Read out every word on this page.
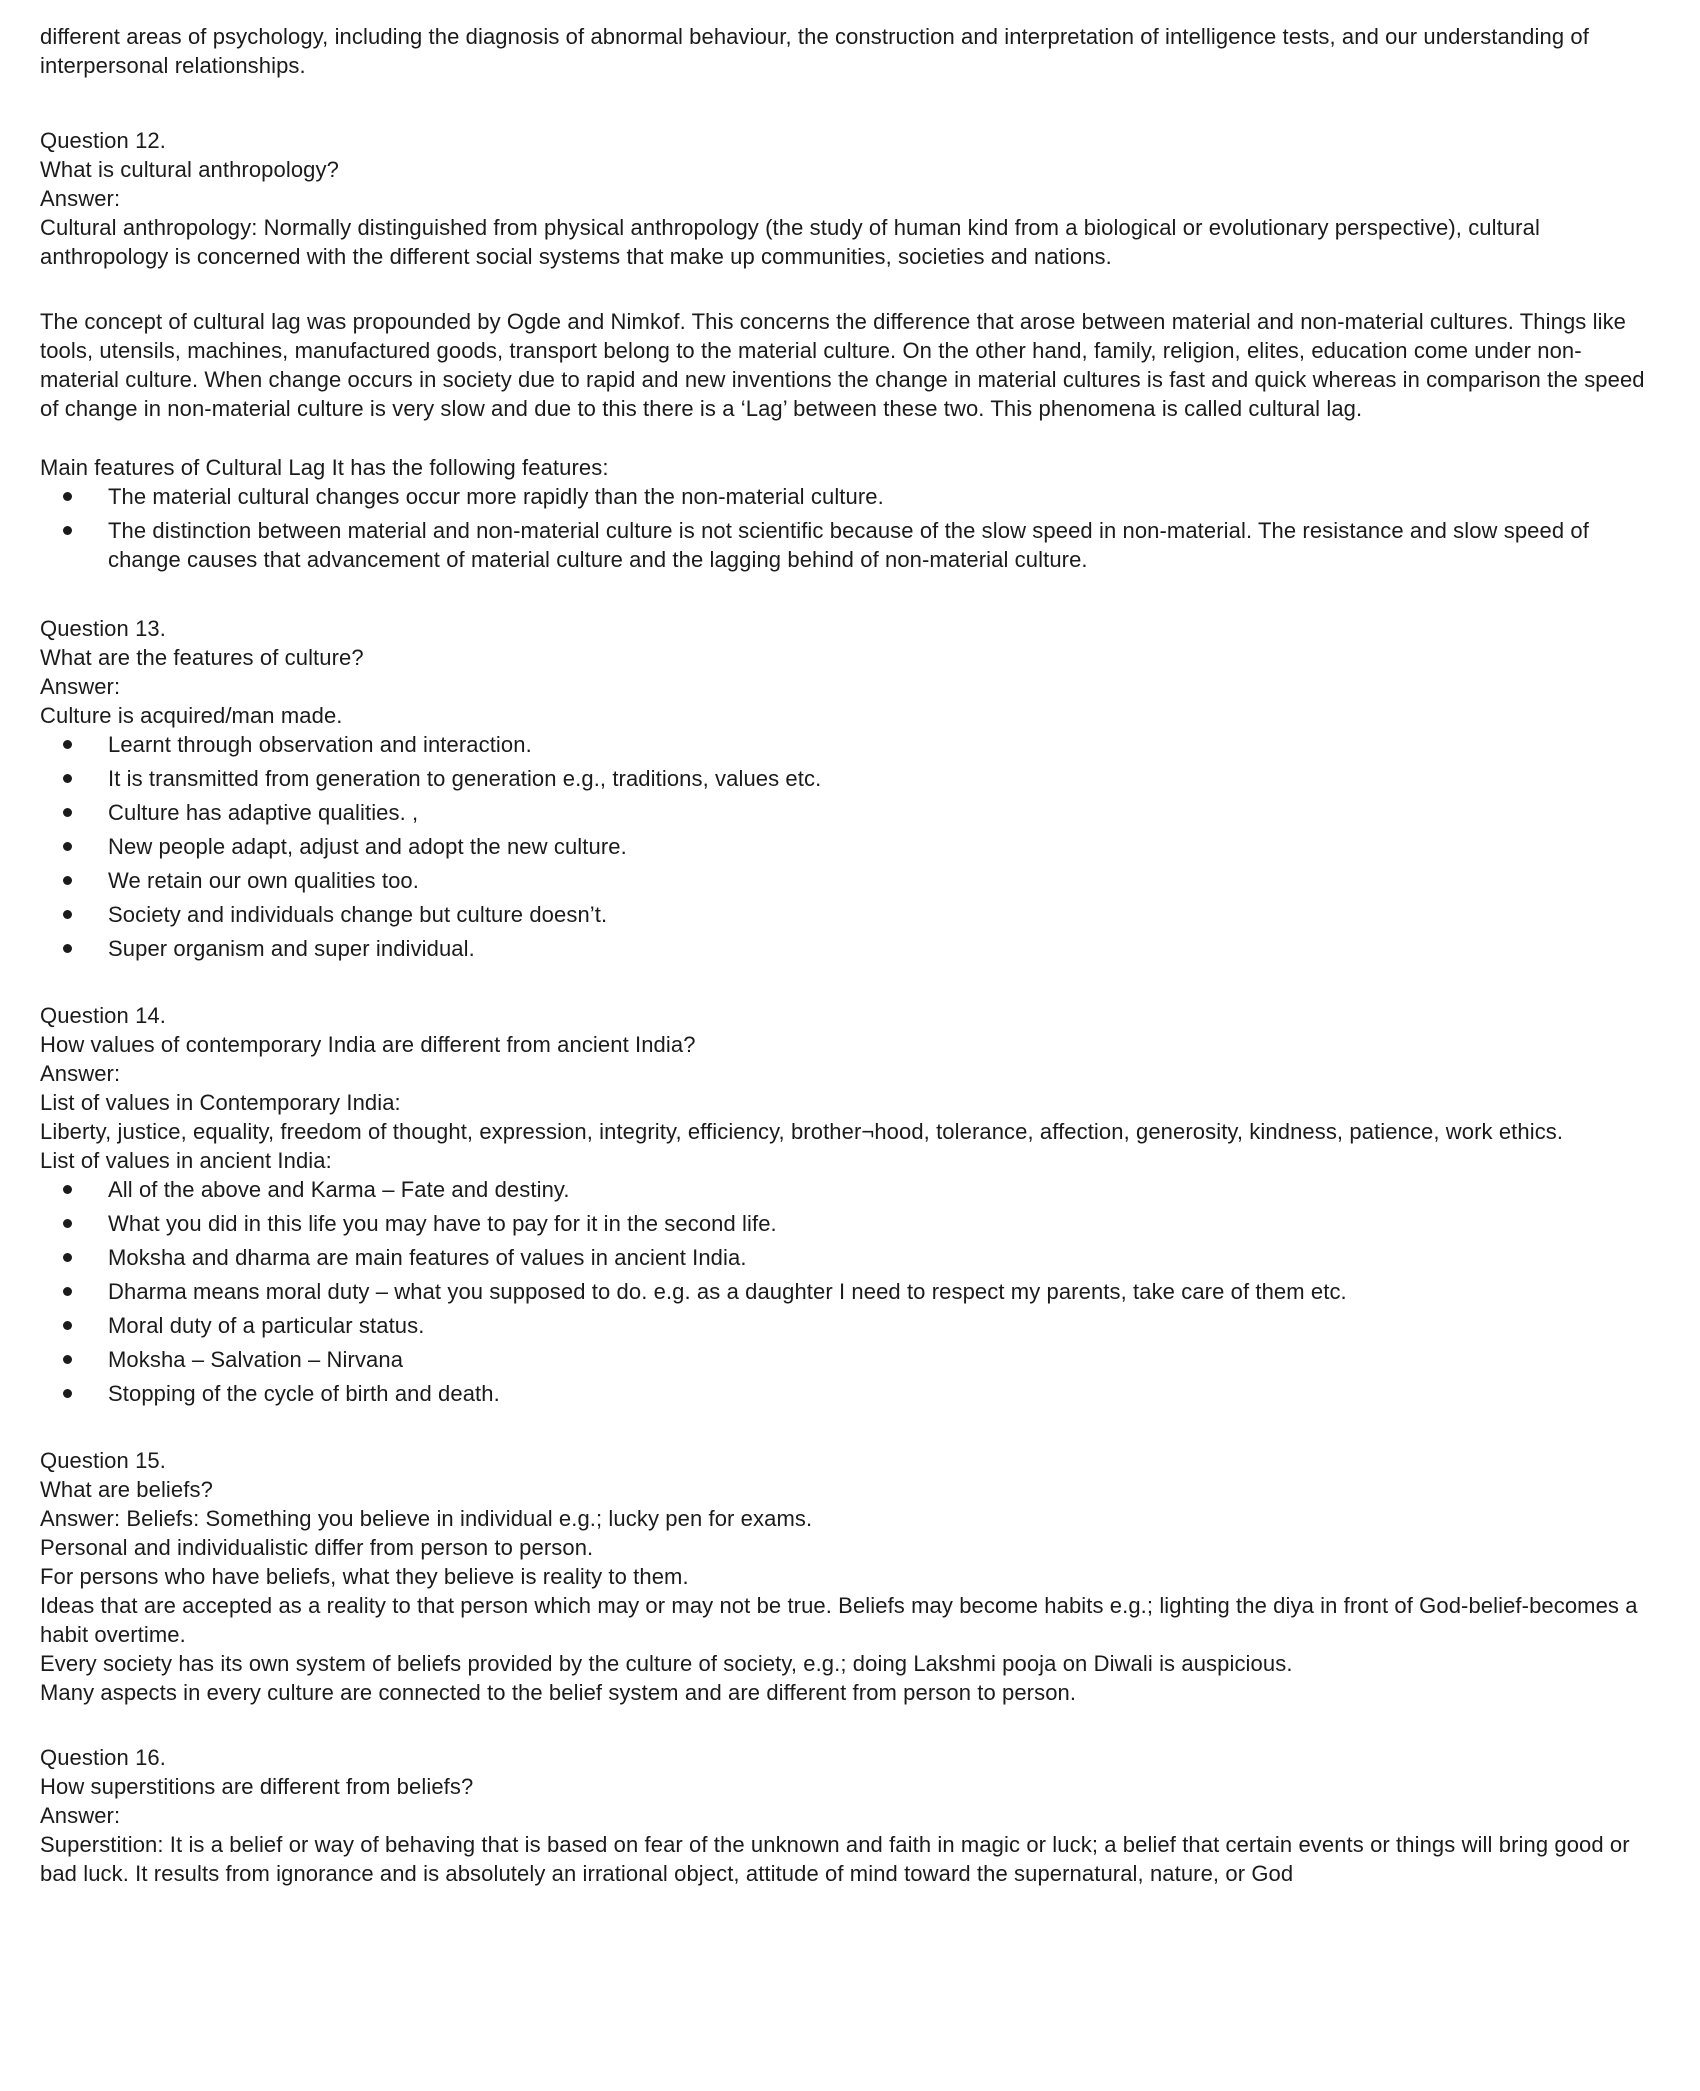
different areas of psychology, including the diagnosis of abnormal behaviour, the construction and interpretation of intelligence tests, and our understanding of interpersonal relationships.

Question 12.

What is cultural anthropology?

Answer:

Cultural anthropology: Normally distinguished from physical anthropology (the study of human kind from a biological or evolutionary perspective), cultural anthropology is concerned with the different social systems that make up communities, societies and nations.

The concept of cultural lag was propounded by Ogde and Nimkof. This concerns the difference that arose between material and non-material cultures. Things like tools, utensils, machines, manufactured goods, transport belong to the material culture. On the other hand, family, religion, elites, education come under non-material culture. When change occurs in society due to rapid and new inventions the change in material cultures is fast and quick whereas in comparison the speed of change in non-material culture is very slow and due to this there is a ‘Lag’ between these two. This phenomena is called cultural lag.

Main features of Cultural Lag It has the following features:

The material cultural changes occur more rapidly than the non-material culture.
The distinction between material and non-material culture is not scientific because of the slow speed in non-material. The resistance and slow speed of change causes that advancement of material culture and the lagging behind of non-material culture.

Question 13.

What are the features of culture?

Answer:

Culture is acquired/man made.

Learnt through observation and interaction.
It is transmitted from generation to generation e.g., traditions, values etc.
Culture has adaptive qualities. ,
New people adapt, adjust and adopt the new culture.
We retain our own qualities too.
Society and individuals change but culture doesn’t.
Super organism and super individual.

Question 14.

How values of contemporary India are different from ancient India?

Answer:

List of values in Contemporary India:

Liberty, justice, equality, freedom of thought, expression, integrity, efficiency, brother¬hood, tolerance, affection, generosity, kindness, patience, work ethics.

List of values in ancient India:

All of the above and Karma – Fate and destiny.
What you did in this life you may have to pay for it in the second life.
Moksha and dharma are main features of values in ancient India.
Dharma means moral duty – what you supposed to do. e.g. as a daughter I need to respect my parents, take care of them etc.
Moral duty of a particular status.
Moksha – Salvation – Nirvana
Stopping of the cycle of birth and death.

Question 15.

What are beliefs?

Answer: Beliefs: Something you believe in individual e.g.; lucky pen for exams.

Personal and individualistic differ from person to person.

For persons who have beliefs, what they believe is reality to them.

Ideas that are accepted as a reality to that person which may or may not be true. Beliefs may become habits e.g.; lighting the diya in front of God-belief-becomes a habit overtime.

Every society has its own system of beliefs provided by the culture of society, e.g.; doing Lakshmi pooja on Diwali is auspicious.

Many aspects in every culture are connected to the belief system and are different from person to person.

Question 16.

How superstitions are different from beliefs?

Answer:

Superstition: It is a belief or way of behaving that is based on fear of the unknown and faith in magic or luck; a belief that certain events or things will bring good or bad luck. It results from ignorance and is absolutely an irrational object, attitude of mind toward the supernatural, nature, or God
